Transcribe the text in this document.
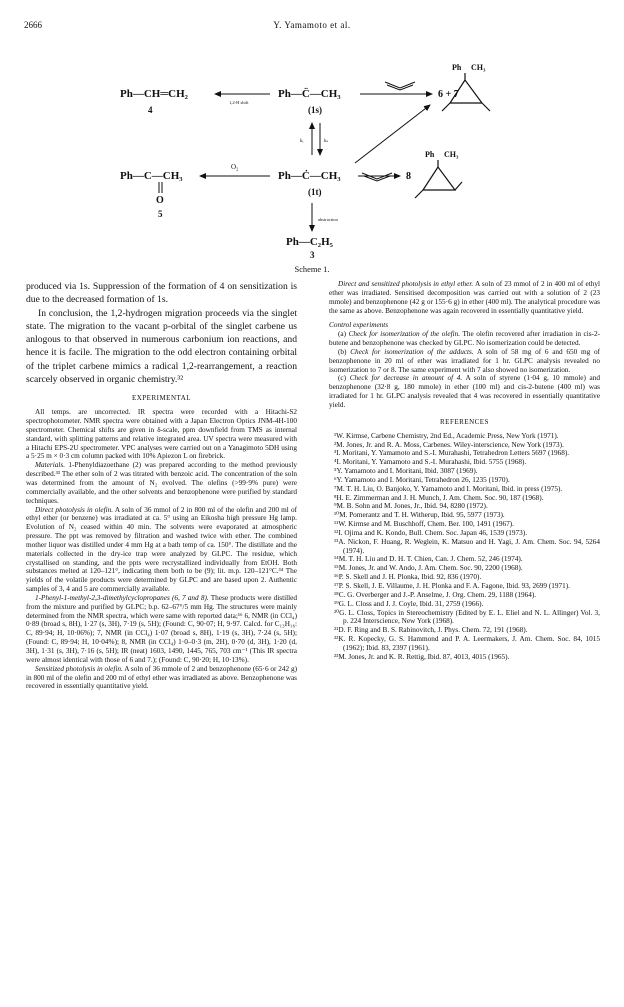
2666	Y. Yamamoto et al.
Ph—CH═CH₂
4
1,2-H shift
Ph—C̈—CH₃
(1s)
6 + 7
Ph CH₃
kᵢ	kₛ
Ph—C—CH₃
O
5
O₂
Ph—Ċ—CH₃
(1t)
8
Ph CH₃
abstraction
Ph—C₂H₅
3
Scheme 1.

produced via 1s. Suppression of the formation of 4 on sensitization is due to the decreased formation of 1s.

In conclusion, the 1,2-hydrogen migration proceeds via the singlet state. The migration to the vacant p-orbital of the singlet carbene us anlogous to that observed in numerous carbonium ion reactions, and hence it is facile. The migration to the odd electron containing orbital of the triplet carbene mimics a radical 1,2-rearrangement, a reaction scarcely observed in organic chemistry.³²

EXPERIMENTAL

All temps. are uncorrected. IR spectra were recorded with a Hitachi-S2 spectrophotometer. NMR spectra were obtained with a Japan Electron Optics JNM-4H-100 spectrometer. Chemical shifts are given in δ-scale, ppm downfield from TMS as internal standard, with splitting patterns and relative integrated area. UV spectra were measured with a Hitachi EPS-2U spectrometer. VPC analyses were carried out on a Yanagimoto 5DH using a 5·25 m × 0·3 cm column packed with 10% Apiezon L on firebrick.

Materials. 1-Phenyldiazoethane (2) was prepared according to the method previously described.³³ The ether soln of 2 was titrated with benzoic acid. The concentration of the soln was determined from the amount of N₂ evolved. The olefins (>99·9% pure) were commercially available, and the other solvents and benzophenone were purified by standard techniques.

Direct photolysis in olefin. A soln of 36 mmol of 2 in 800 ml of the olefin and 200 ml of ethyl ether (or benzene) was irradiated at ca. 5° using an Eikosha high pressure Hg lamp. Evolution of N₂ ceased within 40 min. The solvents were evaporated at atmospheric pressure. The ppt was removed by filtration and washed twice with ether. The combined mother liquor was distilled under 4 mm Hg at a bath temp of ca. 150°. The distillate and the materials collected in the dry-ice trap were analyzed by GLPC. The residue, which crystallised on standing, and the ppts were recrystallized individually from EtOH. Both substances melted at 120–121°, indicating them both to be (9); lit. m.p. 120–121°C.³⁴ The yields of the volatile products were determined by GLPC and are based upon 2. Authentic samples of 3, 4 and 5 are commercially available.

1-Phenyl-1-methyl-2,3-dimethylcyclopropanes (6, 7 and 8). These products were distilled from the mixture and purified by GLPC; b.p. 62–67°/5 mm Hg. The structures were mainly determined from the NMR spectra, which were same with reported data;¹⁶ 6, NMR (in CCl₄) 0·89 (broad s, 8H), 1·27 (s, 3H), 7·19 (s, 5H); (Found: C, 90·07; H, 9·97. Calcd. for C₁₃H₁₆: C, 89·94; H, 10·06%); 7, NMR (in CCl₄) 1·07 (broad s, 8H), 1·19 (s, 3H), 7·24 (s, 5H); (Found: C, 89·94; H, 10·04%); 8, NMR (in CCl₄) 1·0–0·3 (m, 2H), 0·70 (d, 3H), 1·20 (d, 3H), 1·31 (s, 3H), 7·16 (s, 5H); IR (neat) 1603, 1490, 1445, 765, 703 cm⁻¹ (This IR spectra were almost identical with those of 6 and 7.); (Found: C, 90·20; H, 10·13%).

Sensitized photolysis in olefin. A soln of 36 mmole of 2 and benzophenone (65·6 or 242 g) in 800 ml of the olefin and 200 ml of ethyl ether was irradiated as above. Benzophenone was recovered in essentially quantitative yield.

Direct and sensitized photolysis in ethyl ether. A soln of 23 mmol of 2 in 400 ml of ethyl ether was irradiated. Sensitised decomposition was carried out with a solution of 2 (23 mmole) and benzophenone (42 g or 155·6 g) in ether (400 ml). The analytical procedure was the same as above. Benzophenone was again recovered in essentially quantitative yield.

Control experiments

(a) Check for isomerization of the olefin. The olefin recovered after irradiation in cis-2-butene and benzophenone was checked by GLPC. No isomerization could be detected.

(b) Check for isomerization of the adducts. A soln of 58 mg of 6 and 650 mg of benzophenone in 20 ml of ether was irradiated for 1 hr. GLPC analysis revealed no isomerization to 7 or 8. The same experiment with 7 also showed no isomerization.

(c) Check for decrease in amount of 4. A soln of styrene (1·04 g, 10 mmole) and benzophenone (32·8 g, 180 mmole) in ether (100 ml) and cis-2-butene (400 ml) was irradiated for 1 hr. GLPC analysis revealed that 4 was recovered in essentially quantitative yield.

REFERENCES
¹W. Kirmse, Carbene Chemistry, 2nd Ed., Academic Press, New York (1971).
²M. Jones, Jr. and R. A. Moss, Carbenes. Wiley-interscience, New York (1973).
³I. Moritani, Y. Yamamoto and S.-I. Murahashi, Tetrahedron Letters 5697 (1968).
⁴I. Moritani, Y. Yamamoto and S.-I. Murahashi, Ibid. 5755 (1968).
⁵Y. Yamamoto and I. Moritani, Ibid. 3087 (1969).
⁶Y. Yamamoto and I. Moritani, Tetrahedron 26, 1235 (1970).
⁷M. T. H. Liu, O. Banjoko, Y. Yamamoto and I. Moritani, Ibid. in press (1975).
⁸H. E. Zimmerman and J. H. Munch, J. Am. Chem. Soc. 90, 187 (1968).
⁹M. B. Sohn and M. Jones, Jr., Ibid. 94, 8280 (1972).
¹⁰M. Pomerantz and T. H. Witherup, Ibid. 95, 5977 (1973).
¹¹W. Kirmse and M. Buschhoff, Chem. Ber. 100, 1491 (1967).
¹²I. Ojima and K. Kondo, Bull. Chem. Soc. Japan 46, 1539 (1973).
¹³A. Nickon, F. Huang, R. Weglein, K. Matsuo and H. Yagi, J. Am. Chem. Soc. 94, 5264 (1974).
¹⁴M. T. H. Liu and D. H. T. Chien, Can. J. Chem. 52, 246 (1974).
¹⁵M. Jones, Jr. and W. Ando, J. Am. Chem. Soc. 90, 2200 (1968).
¹⁶P. S. Skell and J. H. Plonka, Ibid. 92, 836 (1970).
¹⁷P. S. Skell, J. E. Villaume, J. H. Plonka and F. A. Fagone, Ibid. 93, 2699 (1971).
¹⁸C. G. Overberger and J.-P. Anselme, J. Org. Chem. 29, 1188 (1964).
¹⁹G. L. Closs and J. J. Coyle, Ibid. 31, 2759 (1966).
²⁰G. L. Closs, Topics in Stereochemistry (Edited by E. L. Eliel and N. L. Allinger) Vol. 3, p. 224 Interscience, New York (1968).
²¹D. F. Ring and B. S. Rabinovitch, J. Phys. Chem. 72, 191 (1968).
²²K. R. Kopecky, G. S. Hammond and P. A. Leermakers, J. Am. Chem. Soc. 84, 1015 (1962); Ibid. 83, 2397 (1961).
²³M. Jones, Jr. and K. R. Rettig, Ibid. 87, 4013, 4015 (1965).
